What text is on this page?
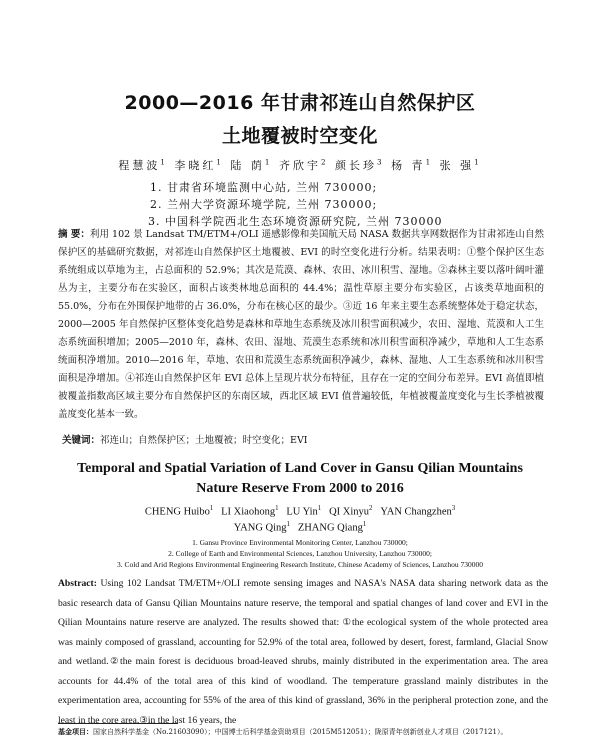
2000—2016 年甘肃祁连山自然保护区
土地覆被时空变化
程慧波$^1$ 李晓红$^1$ 陆 荫$^1$ 齐欣宇$^2$ 颜长珍$^3$ 杨 青$^1$ 张 强$^1$
1. 甘肃省环境监测中心站, 兰州 730000;
2. 兰州大学资源环境学院, 兰州 730000;
3. 中国科学院西北生态环境资源研究院, 兰州 730000
摘 要：利用 102 景 Landsat TM/ETM+/OLI 遥感影像和美国航天局 NASA 数据共享网数据作为甘肃祁连山自然保护区的基础研究数据，对祁连山自然保护区土地覆被、EVI 的时空变化进行分析。结果表明：①整个保护区生态系统组成以草地为主，占总面积的 52.9%；其次是荒漠、森林、农田、冰川积雪、湿地。②森林主要以落叶阔叶灌丛为主，主要分布在实验区，面积占该类林地总面积的 44.4%；温性草原主要分布实验区，占该类草地面积的 55.0%，分布在外围保护地带的占 36.0%，分布在核心区的最少。③近 16 年来主要生态系统整体处于稳定状态，2000—2005 年自然保护区整体变化趋势是森林和草地生态系统及冰川积雪面积减少，农田、湿地、荒漠和人工生态系统面积增加；2005—2010 年，森林、农田、湿地、荒漠生态系统和冰川积雪面积净减少，草地和人工生态系统面积净增加。2010—2016 年，草地、农田和荒漠生态系统面积净减少，森林、湿地、人工生态系统和冰川积雪面积是净增加。④祁连山自然保护区年 EVI 总体上呈现片状分布特征，且存在一定的空间分布差异。EVI 高值即植被覆盖指数高区域主要分布自然保护区的东南区域，西北区域 EVI 值普遍较低，年植被覆盖度变化与生长季植被覆盖度变化基本一致。
关键词：祁连山；自然保护区；土地覆被；时空变化；EVI
Temporal and Spatial Variation of Land Cover in Gansu Qilian Mountains
Nature Reserve From 2000 to 2016
CHENG Huibo$^1$ LI Xiaohong$^1$ LU Yin$^1$ QI Xinyu$^2$ YAN Changzhen$^3$
YANG Qing$^1$ ZHANG Qiang$^1$
1. Gansu Province Environmental Monitoring Center, Lanzhou 730000;
2. College of Earth and Environmental Sciences, Lanzhou University, Lanzhou 730000;
3. Cold and Arid Regions Environmental Engineering Research Institute, Chinese Academy of Sciences, Lanzhou 730000
Abstract: Using 102 Landsat TM/ETM+/OLI remote sensing images and NASA's NASA data sharing network data as the basic research data of Gansu Qilian Mountains nature reserve, the temporal and spatial changes of land cover and EVI in the Qilian Mountains nature reserve are analyzed. The results showed that: ①the ecological system of the whole protected area was mainly composed of grassland, accounting for 52.9% of the total area, followed by desert, forest, farmland, Glacial Snow and wetland.②the main forest is deciduous broad-leaved shrubs, mainly distributed in the experimentation area. The area accounts for 44.4% of the total area of this kind of woodland. The temperature grassland mainly distributes in the experimentation area, accounting for 55% of the area of this kind of grassland, 36% in the peripheral protection zone, and the least in the core area.③in the last 16 years, the
基金项目：国家自然科学基金（No.21603090）；中国博士后科学基金资助项目（2015M512051）；陇原青年创新创业人才项目（2017121）。
